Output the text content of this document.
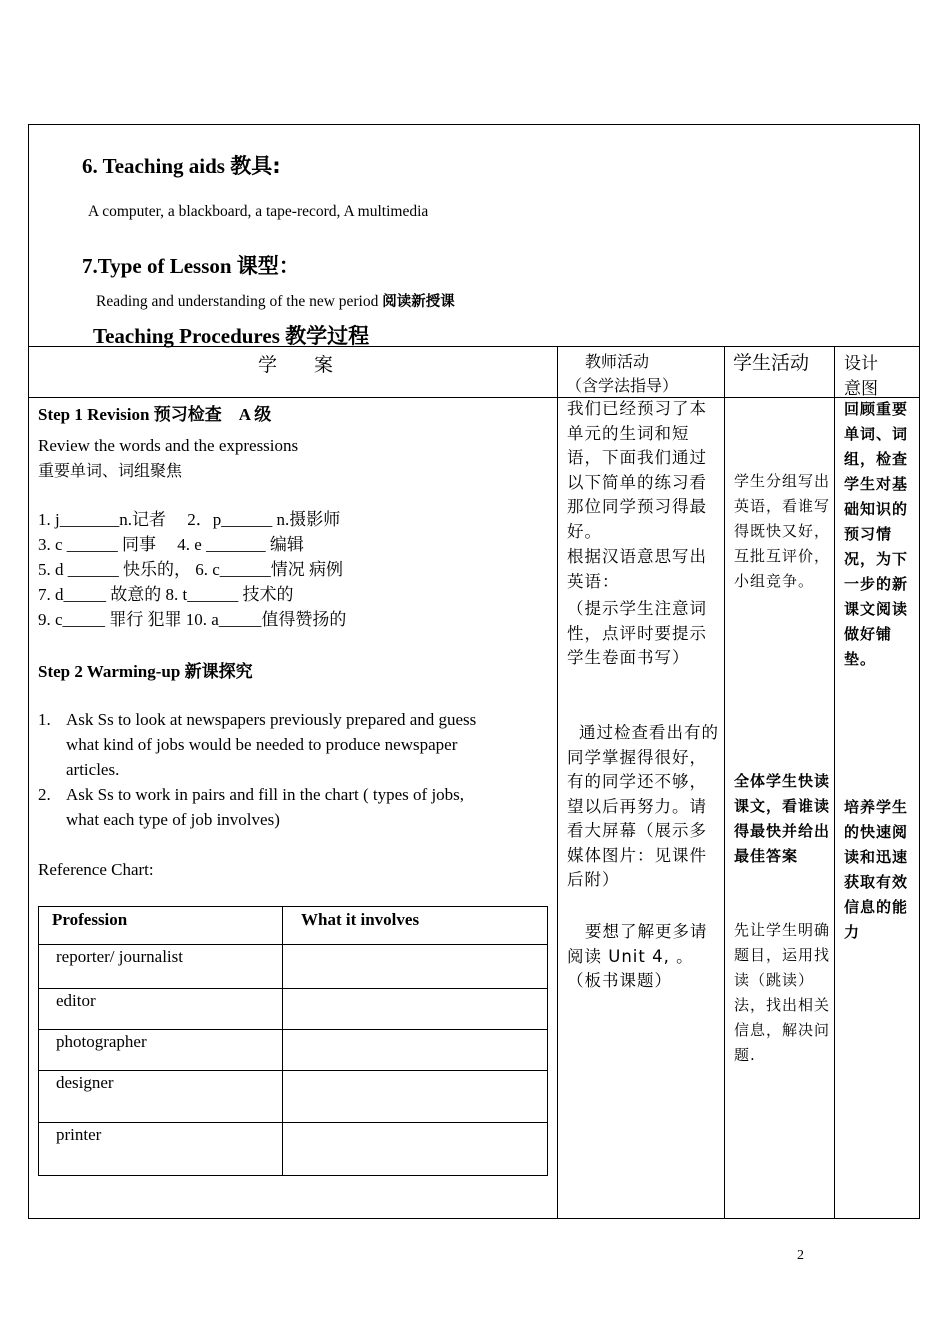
6. Teaching aids 教具:
A computer, a blackboard, a tape-record, A multimedia
7.Type of Lesson 课型：
Reading and understanding of the new period 阅读新授课
Teaching Procedures 教学过程
学　 案	教师活动
（含学法指导）
学生活动 设计
意图
Step 1 Revision 预习检查　A 级
Review the words and the expressions
重要单词、词组聚焦
1. j_______n.记者　 2．p______ n.摄影师
3. c ______ 同事　 4. e _______ 编辑
5. d ______ 快乐的， 6. c______情况 病例
7. d_____ 故意的 8. t______ 技术的
9. c_____ 罪行 犯罪 10. a_____值得赞扬的
Step 2 Warming-up 新课探究
1. Ask Ss to look at newspapers previously prepared and guess
what kind of jobs would be needed to produce newspaper
articles.
2. Ask Ss to work in pairs and fill in the chart ( types of jobs,
what each type of job involves)
Reference Chart:
Profession	What it involves
reporter/ journalist
editor
photographer
designer
printer
我们已经预习了本单元的生词和短语，下面我们通过以下简单的练习看那位同学预习得最好。
根据汉语意思写出英语：
（提示学生注意词性，点评时要提示学生卷面书写）
通过检查看出有的同学掌握得很好，有的同学还不够，望以后再努力。请看大屏幕（展示多媒体图片：见课件后附）
要想了解更多请阅读 Unit 4, 。（板书课题）
学生分组写出英语，看谁写得既快又好，互批互评价，小组竞争。
全体学生快读课文，看谁读得最快并给出最佳答案
先让学生明确题目，运用找读（跳读）法，找出相关信息，解决问题.
回顾重要单词、词组，检查学生对基础知识的预习情况，为下一步的新课文阅读做好铺垫。
培养学生的快速阅读和迅速获取有效信息的能力
2
